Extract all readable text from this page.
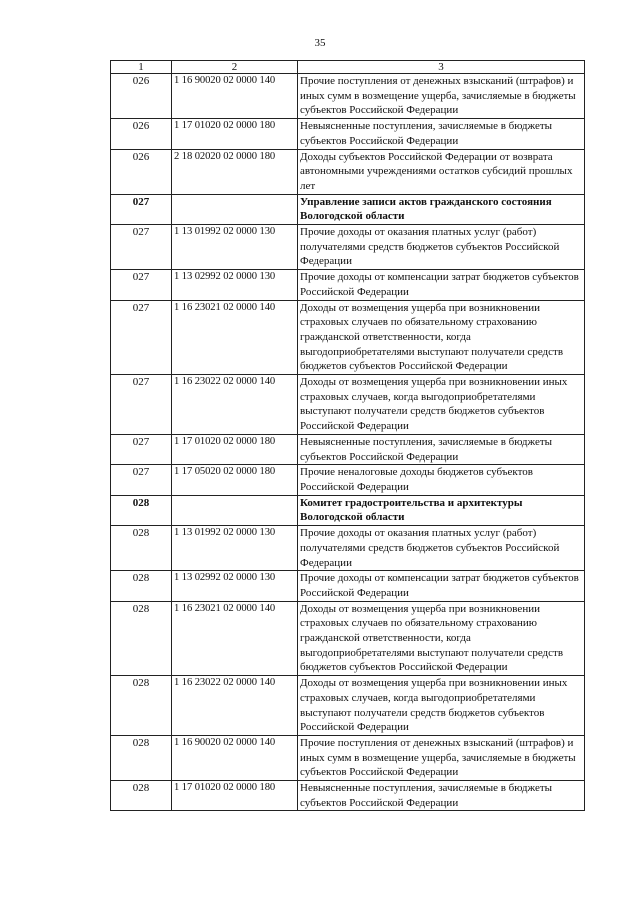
35
1	2	3
026	1 16 90020 02 0000 140	Прочие поступления от денежных взысканий (штрафов) и иных сумм в возмещение ущерба, зачисляемые в бюджеты субъектов Российской Федерации
026	1 17 01020 02 0000 180	Невыясненные поступления, зачисляемые в бюджеты субъектов Российской Федерации
026	2 18 02020 02 0000 180	Доходы субъектов Российской Федерации от возврата автономными учреждениями остатков субсидий прошлых лет
027		Управление записи актов гражданского состояния Вологодской области
027	1 13 01992 02 0000 130	Прочие доходы от оказания платных услуг (работ) получателями средств бюджетов субъектов Российской Федерации
027	1 13 02992 02 0000 130	Прочие доходы от компенсации затрат бюджетов субъектов Российской Федерации
027	1 16 23021 02 0000 140	Доходы от возмещения ущерба при возникновении страховых случаев по обязательному страхованию гражданской ответственности, когда выгодоприобретателями выступают получатели средств бюджетов субъектов Российской Федерации
027	1 16 23022 02 0000 140	Доходы от возмещения ущерба при возникновении иных страховых случаев, когда выгодоприобретателями выступают получатели средств бюджетов субъектов Российской Федерации
027	1 17 01020 02 0000 180	Невыясненные поступления, зачисляемые в бюджеты субъектов Российской Федерации
027	1 17 05020 02 0000 180	Прочие неналоговые доходы бюджетов субъектов Российской Федерации
028		Комитет градостроительства и архитектуры Вологодской области
028	1 13 01992 02 0000 130	Прочие доходы от оказания платных услуг (работ) получателями средств бюджетов субъектов Российской Федерации
028	1 13 02992 02 0000 130	Прочие доходы от компенсации затрат бюджетов субъектов Российской Федерации
028	1 16 23021 02 0000 140	Доходы от возмещения ущерба при возникновении страховых случаев по обязательному страхованию гражданской ответственности, когда выгодоприобретателями выступают получатели средств бюджетов субъектов Российской Федерации
028	1 16 23022 02 0000 140	Доходы от возмещения ущерба при возникновении иных страховых случаев, когда выгодоприобретателями выступают получатели средств бюджетов субъектов Российской Федерации
028	1 16 90020 02 0000 140	Прочие поступления от денежных взысканий (штрафов) и иных сумм в возмещение ущерба, зачисляемые в бюджеты субъектов Российской Федерации
028	1 17 01020 02 0000 180	Невыясненные поступления, зачисляемые в бюджеты субъектов Российской Федерации
